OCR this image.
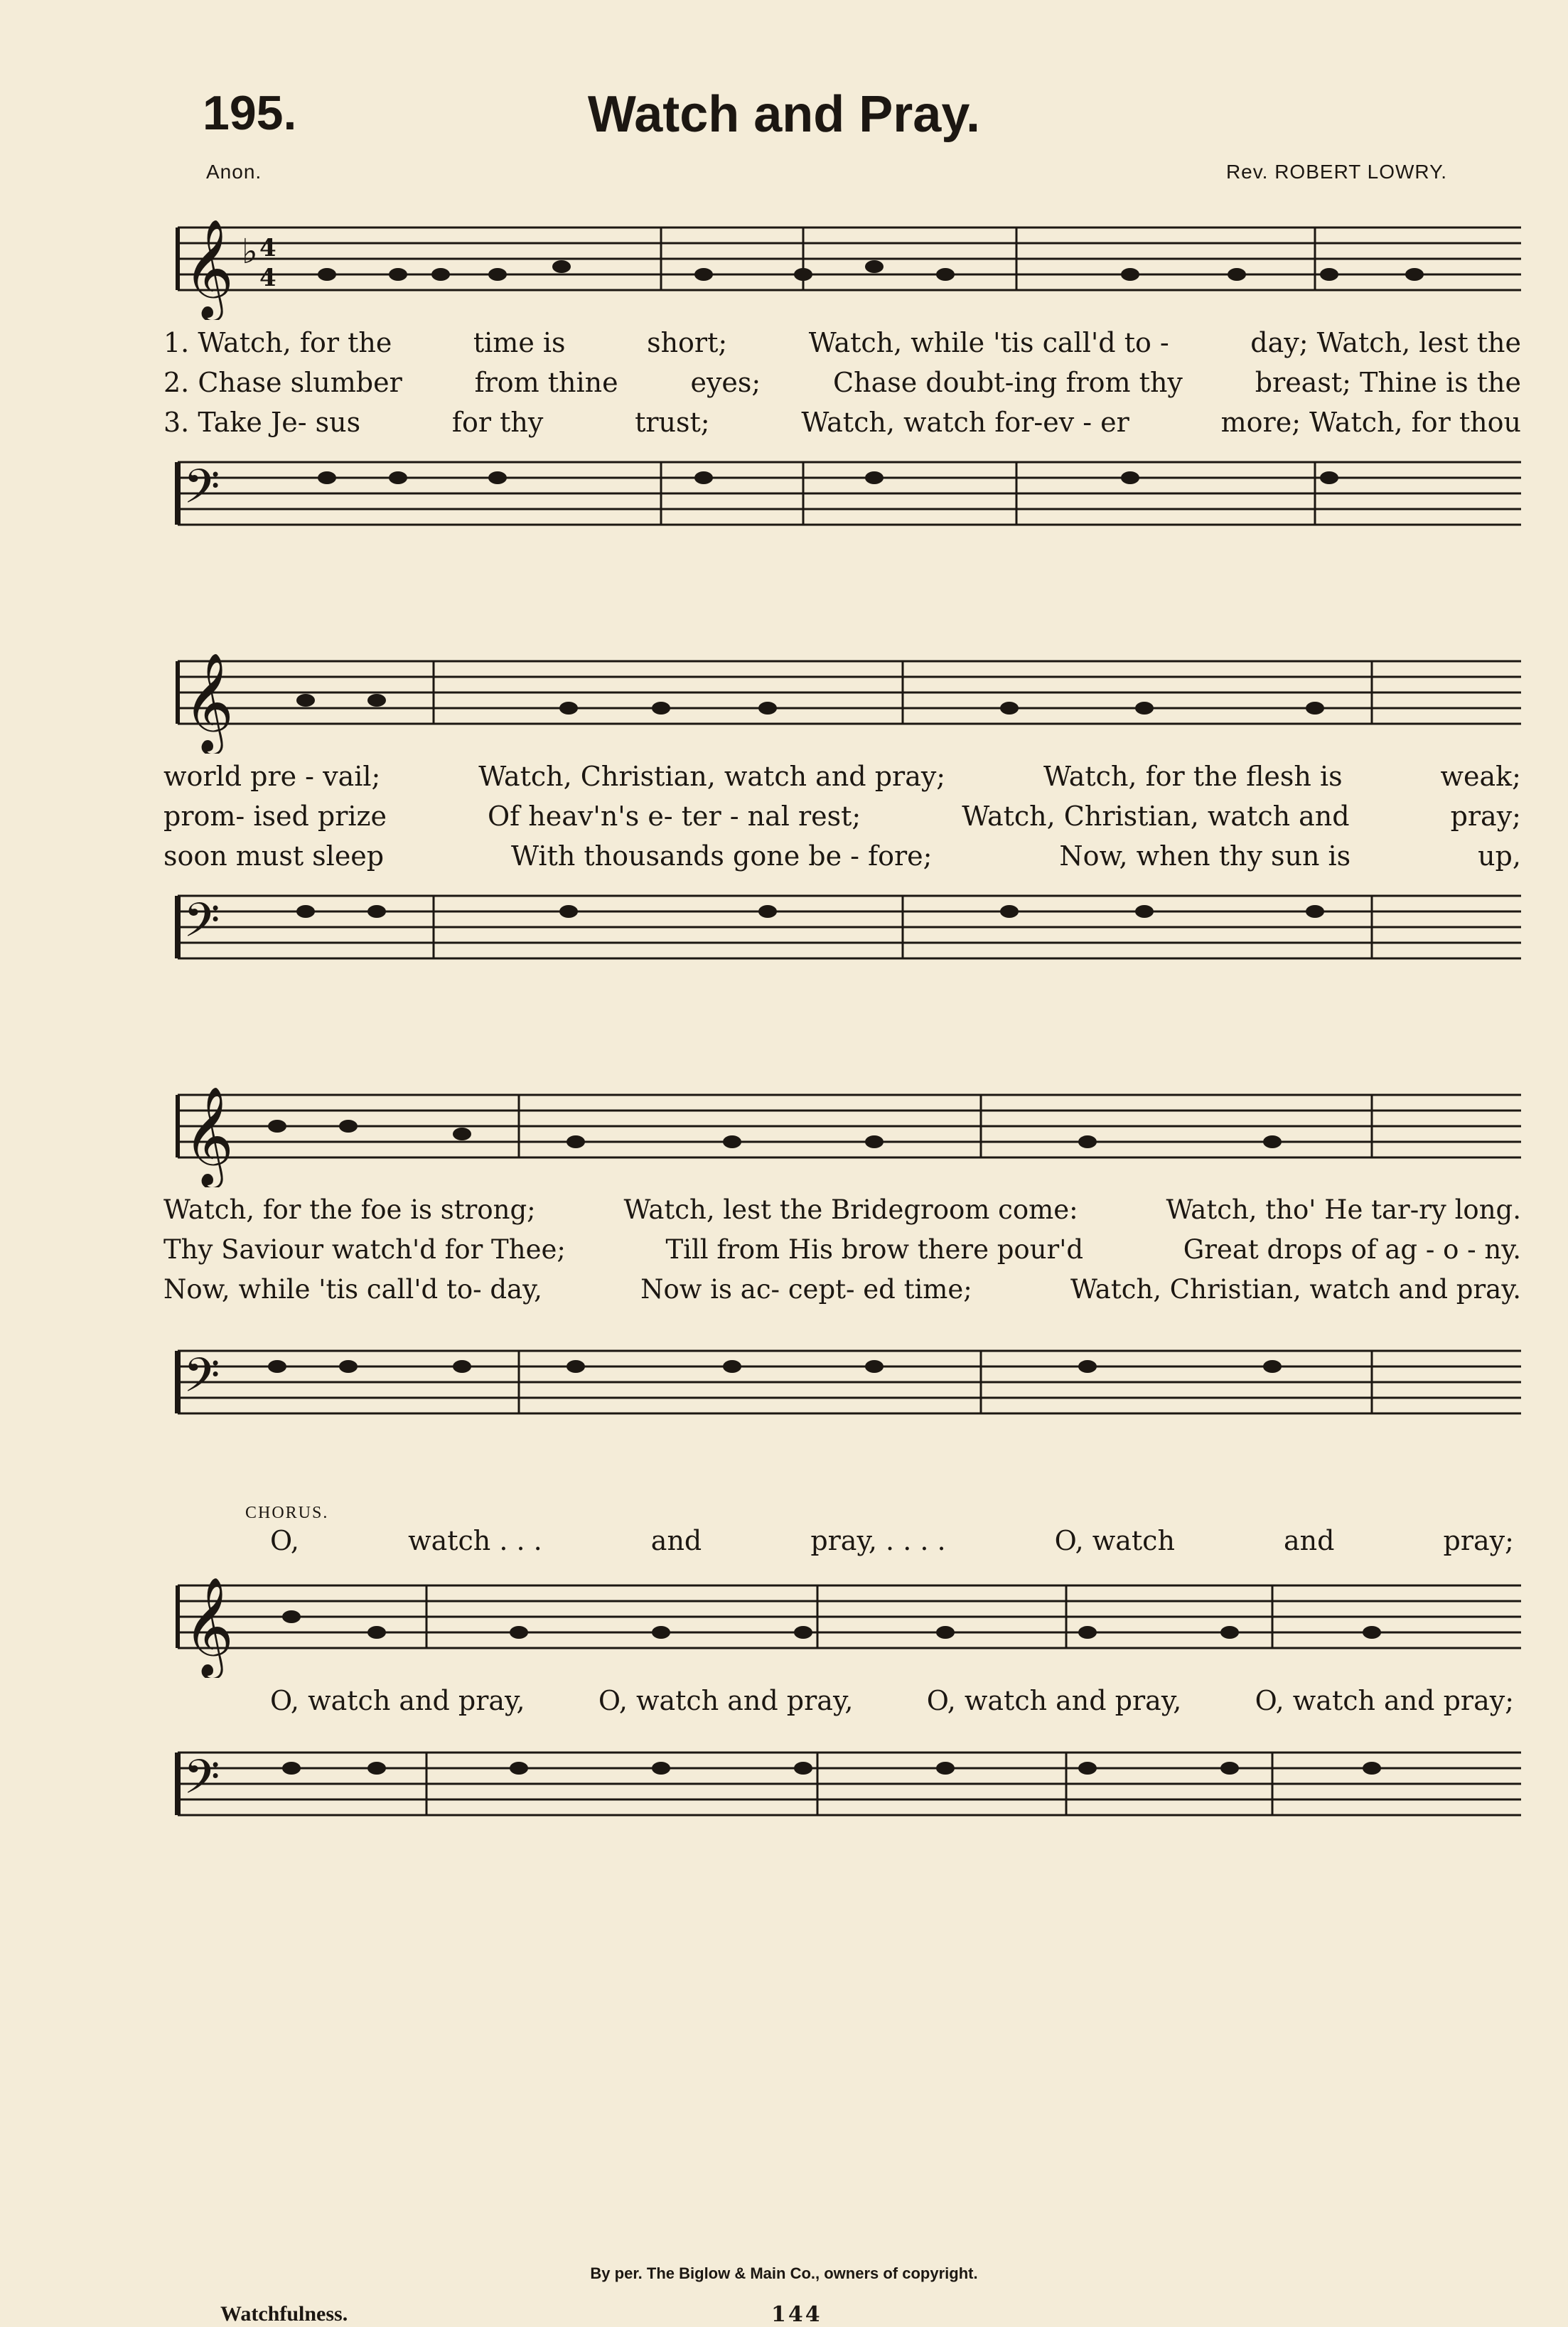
195.	Watch and Pray.
Anon.	Rev. ROBERT LOWRY.
𝄞 ♭ 4
4
1. Watch, for the	time is	short;	Watch, while 'tis call'd to -	day; Watch, lest the
2. Chase slumber	from thine	eyes;	Chase doubt-ing from thy	breast; Thine is the
3. Take Je- sus	for thy	trust;	Watch, watch for-ev - er	more; Watch, for thou
𝄢
𝄞
world pre - vail;	Watch, Christian, watch and pray;	Watch, for the flesh is	weak;
prom- ised prize	Of heav'n's e- ter - nal rest;	Watch, Christian, watch and	pray;
soon must sleep	With thousands gone be - fore;	Now, when thy sun is	up,
𝄢
𝄞
Watch, for the foe is strong;	Watch, lest the Bridegroom come:	Watch, tho' He tar-ry long.
Thy Saviour watch'd for Thee;	Till from His brow there pour'd	Great drops of ag - o - ny.
Now, while 'tis call'd to- day,	Now is ac- cept- ed time;	Watch, Christian, watch and pray.
𝄢
CHORUS.
O,	watch . . .	and	pray, . . . .	O, watch	and	pray;
𝄞
O, watch and pray,	O, watch and pray,	O, watch and pray,	O, watch and pray;
𝄢
By per. The Biglow & Main Co., owners of copyright.
Watchfulness.	144
